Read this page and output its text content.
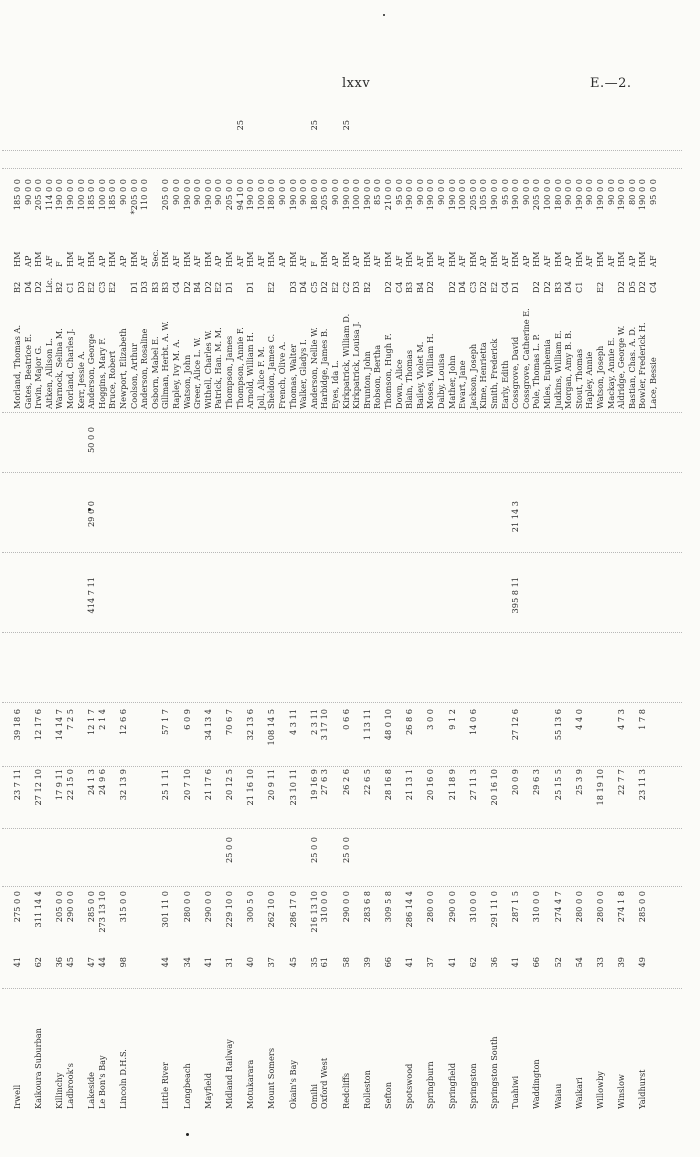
lxxv	E.—2.
Irwell
41
275 0 0
23 7 11
39 18 6
Morland, Thomas A.
B2
HM
185 0 0
Gates, Beatrice E.
D4
AP
90 0 0
Kaikoura Suburban
62
311 14 4
27 12 10
12 17 6
Irwin, Major G.
D2
HM
205 0 0
Aitken, Allison L.
Lic.
AF
114 0 0
Killinchy
36
205 0 0
17 9 11
14 14 7
Warnock, Selina M.
B2
F
190 0 0
Ladbrook's
45
290 0 0
22 15 0
7 2 5
Morland, Charles J.
C1
HM
190 0 0
Kerr, Jessie A.
D3
AF
100 0 0
Lakeside
47
285 0 0
24 1 3
12 1 7
414 7 11
29 0 0
50 0 0
Anderson, George
E2
HM
185 0 0
Le Bon's Bay
44
273 13 10
24 9 6
2 1 4
Hoggins, Mary F.
C3
AP
100 0 0
Bruce, Robert
E2
HM
185 0 0
Lincoln D.H.S.
98
315 0 0
32 13 9
12 6 6
Newport, Elizabeth
AP
90 0 0
Coolson, Arthur
D1
HM
*205 0 0
Anderson, Rosaline
D3
AF
110 0 0
Osborn, Mabel E.
B3
Sec.
Little River
44
301 11 0
25 1 11
57 1 7
Gillman, Herbt. A. W.
B3
HM
205 0 0
Rapley, Ivy M. A.
C4
AF
90 0 0
Longbeach
34
280 0 0
20 7 10
6 0 9
Watson, John
D2
HM
190 0 0
Greer, Alice L. W.
B4
AF
90 0 0
Mayfield
41
290 0 0
21 17 6
34 13 4
Withell, Charles W.
D2
HM
190 0 0
Patrick, Han. M. M.
E2
AP
90 0 0
Midland Railway
31
229 10 0
25 0 0
20 12 5
70 6 7
Thompson, James
D1
HM
205 0 0
Thompson, Annie F.
AF
94 10 0
25
Motukarara
40
300 5 0
21 16 10
32 13 6
Arnold, William H.
D1
HM
190 0 0
Joll, Alice F. M.
AF
100 0 0
Mount Somers
37
262 10 0
20 9 11
108 14 5
Sheldon, James C.
E2
HM
180 0 0
French, Olive A.
AP
90 0 0
Okain's Bay
45
286 17 0
23 10 11
4 3 11
Thomas, Walter
D3
HM
190 0 0
Walker, Gladys I.
D4
AF
90 0 0
Omihi
35
216 13 10
25 0 0
19 16 9
2 3 11
Anderson, Nellie W.
C5
F
180 0 0
25
Oxford West
61
310 0 0
27 6 3
3 17 10
Harbidge, James B.
D2
HM
205 0 0
Eyes, Ida L.
E2
AP
90 0 0
Redcliffs
58
290 0 0
25 0 0
26 2 6
0 6 6
Kirkpatrick, William D.
C2
HM
190 0 0
25
Kirkpatrick, Louisa J.
D3
AP
100 0 0
Rolleston
39
283 6 8
22 6 5
1 13 11
Brunton, John
B2
HM
190 0 0
Robson, Bertha
AF
85 0 0
Sefton
66
309 5 8
28 16 8
48 0 10
Thomson, Hugh F.
D2
HM
210 0 0
Down, Alice
C4
AF
95 0 0
Spotswood
41
286 14 4
21 13 1
26 8 6
Blain, Thomas
B3
HM
190 0 0
Bailey, Violet M.
B4
AF
90 0 0
Springburn
37
280 0 0
20 16 0
3 0 0
Moses, William H.
D2
HM
190 0 0
Dalby, Louisa
AF
90 0 0
Springfield
41
290 0 0
21 18 9
9 1 2
Mather, John
D2
HM
190 0 0
Ewart, Jane
D4
AF
100 0 0
Springston
62
310 0 0
27 11 3
14 0 6
Jackson, Joseph
C3
HM
205 0 0
Kime, Henrietta
D2
AP
105 0 0
Springston South
36
291 11 0
20 16 10
Smith, Frederick
E2
HM
190 0 0
Early, Edith
C4
AF
95 0 0
Tuahiwi
41
287 1 5
20 0 9
27 12 6
395 8 11
21 14 3
Cossgrove, David
D1
HM
190 0 0
Cossgrove, Catherine E.
AP
90 0 0
Waddington
66
310 0 0
29 6 3
Pole, Thomas L. P.
D2
HM
205 0 0
Miles, Euphemia
D2
AF
100 0 0
Waiau
52
274 4 7
25 15 5
55 13 6
Judkins, William E.
B3
HM
180 0 0
Morgan, Amy B. B.
D4
AP
90 0 0
Waikari
54
280 0 0
25 3 9
4 4 0
Stout, Thomas
C1
HM
190 0 0
Hapley, Annie
AF
90 0 0
Willowby
33
280 0 0
18 19 10
Watson, Joseph
E2
HM
190 0 0
Mackay, Annie E.
AF
90 0 0
Winslow
39
274 1 8
22 7 7
4 7 3
Aldridge, George W.
D2
HM
190 0 0
Bastian, Chas. A. D.
D5
AP
80 0 0
Yaldhurst
49
285 0 0
23 11 3
1 7 8
Bowler, Frederick H.
D2
HM
190 0 0
Lace, Bessie
C4
AF
95 0 0
